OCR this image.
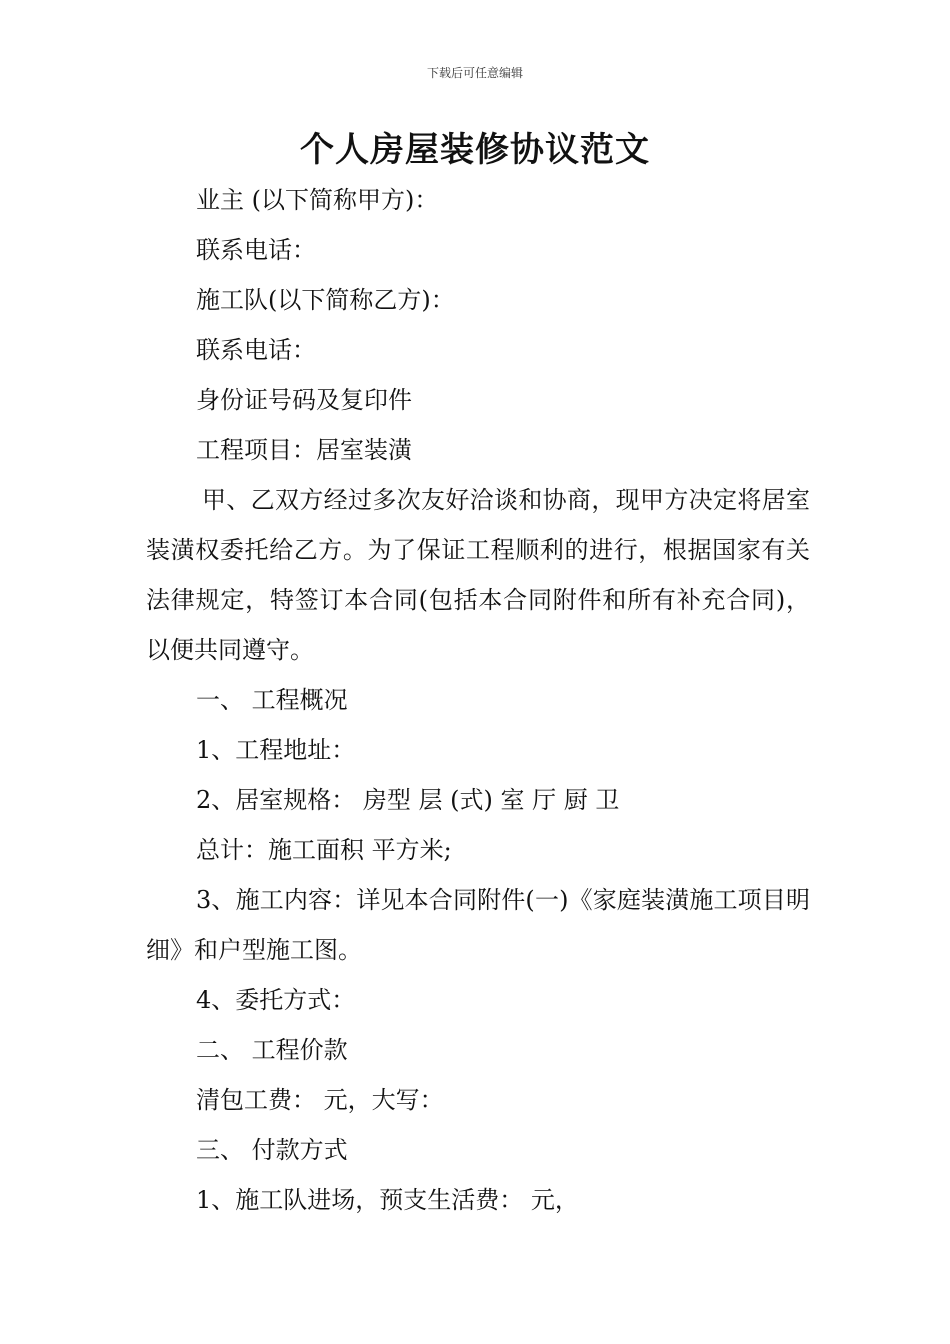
下载后可任意编辑
个人房屋装修协议范文

业主 (以下简称甲方)：

联系电话：

施工队(以下简称乙方)：

联系电话：

身份证号码及复印件

工程项目：居室装潢

甲、乙双方经过多次友好洽谈和协商，现甲方决定将居室装潢权委托给乙方。为了保证工程顺利的进行，根据国家有关法律规定，特签订本合同(包括本合同附件和所有补充合同)，以便共同遵守。

一、 工程概况

1、工程地址：

2、居室规格： 房型 层 (式) 室 厅 厨 卫

总计：施工面积 平方米;

3、施工内容：详见本合同附件(一)《家庭装潢施工项目明细》和户型施工图。

4、委托方式：

二、 工程价款

清包工费： 元，大写：

三、 付款方式

1、施工队进场，预支生活费： 元，
